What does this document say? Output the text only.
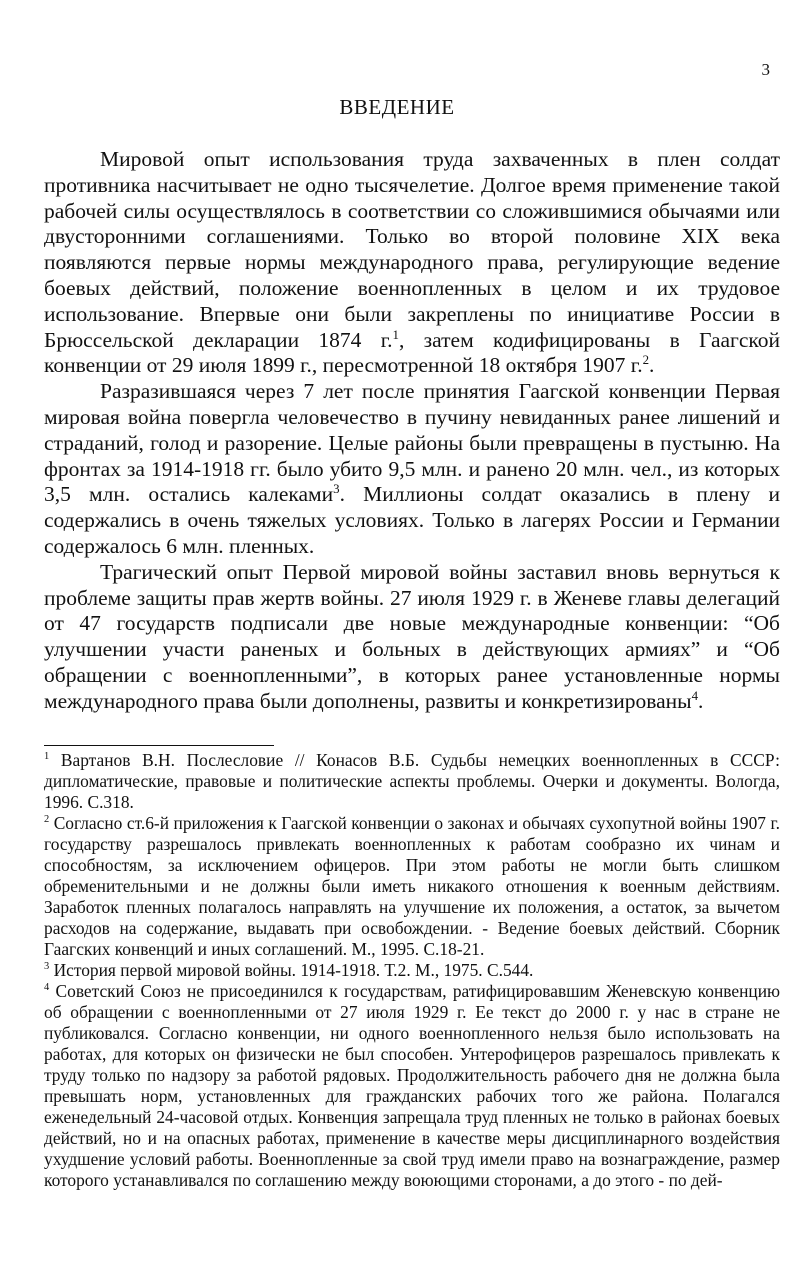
3
ВВЕДЕНИЕ

Мировой опыт использования труда захваченных в плен солдат противника насчитывает не одно тысячелетие. Долгое время применение такой рабочей силы осуществлялось в соответствии со сложившимися обычаями или двусторонними соглашениями. Только во второй половине XIX века появляются первые нормы международного права, регулирующие ведение боевых действий, положение военнопленных в целом и их трудовое использование. Впервые они были закреплены по инициативе России в Брюссельской декларации 1874 г.$^1$, затем кодифицированы в Гаагской конвенции от 29 июля 1899 г., пересмотренной 18 октября 1907 г.$^2$.

Разразившаяся через 7 лет после принятия Гаагской конвенции Первая мировая война повергла человечество в пучину невиданных ранее лишений и страданий, голод и разорение. Целые районы были превращены в пустыню. На фронтах за 1914-1918 гг. было убито 9,5 млн. и ранено 20 млн. чел., из которых 3,5 млн. остались калеками$^3$. Миллионы солдат оказались в плену и содержались в очень тяжелых условиях. Только в лагерях России и Германии содержалось 6 млн. пленных.

Трагический опыт Первой мировой войны заставил вновь вернуться к проблеме защиты прав жертв войны. 27 июля 1929 г. в Женеве главы делегаций от 47 государств подписали две новые международные конвенции: “Об улучшении участи раненых и больных в действующих армиях” и “Об обращении с военнопленными”, в которых ранее установленные нормы международного права были дополнены, развиты и конкретизированы$^4$.

$^1$ Вартанов В.Н. Послесловие // Конасов В.Б. Судьбы немецких военнопленных в СССР: дипломатические, правовые и политические аспекты проблемы. Очерки и документы. Вологда, 1996. С.318.

$^2$ Согласно ст.6-й приложения к Гаагской конвенции о законах и обычаях сухопутной войны 1907 г. государству разрешалось привлекать военнопленных к работам сообразно их чинам и способностям, за исключением офицеров. При этом работы не могли быть слишком обременительными и не должны были иметь никакого отношения к военным действиям. Заработок пленных полагалось направлять на улучшение их положения, а остаток, за вычетом расходов на содержание, выдавать при освобождении. - Ведение боевых действий. Сборник Гаагских конвенций и иных соглашений. М., 1995. С.18-21.

$^3$ История первой мировой войны. 1914-1918. Т.2. М., 1975. С.544.

$^4$ Советский Союз не присоединился к государствам, ратифицировавшим Женевскую конвенцию об обращении с военнопленными от 27 июля 1929 г. Ее текст до 2000 г. у нас в стране не публиковался. Согласно конвенции, ни одного военнопленного нельзя было использовать на работах, для которых он физически не был способен. Унтерофицеров разрешалось привлекать к труду только по надзору за работой рядовых. Продолжительность рабочего дня не должна была превышать норм, установленных для гражданских рабочих того же района. Полагался еженедельный 24-часовой отдых. Конвенция запрещала труд пленных не только в районах боевых действий, но и на опасных работах, применение в качестве меры дисциплинарного воздействия ухудшение условий работы. Военнопленные за свой труд имели право на вознаграждение, размер которого устанавливался по соглашению между воюющими сторонами, а до этого - по дей-
